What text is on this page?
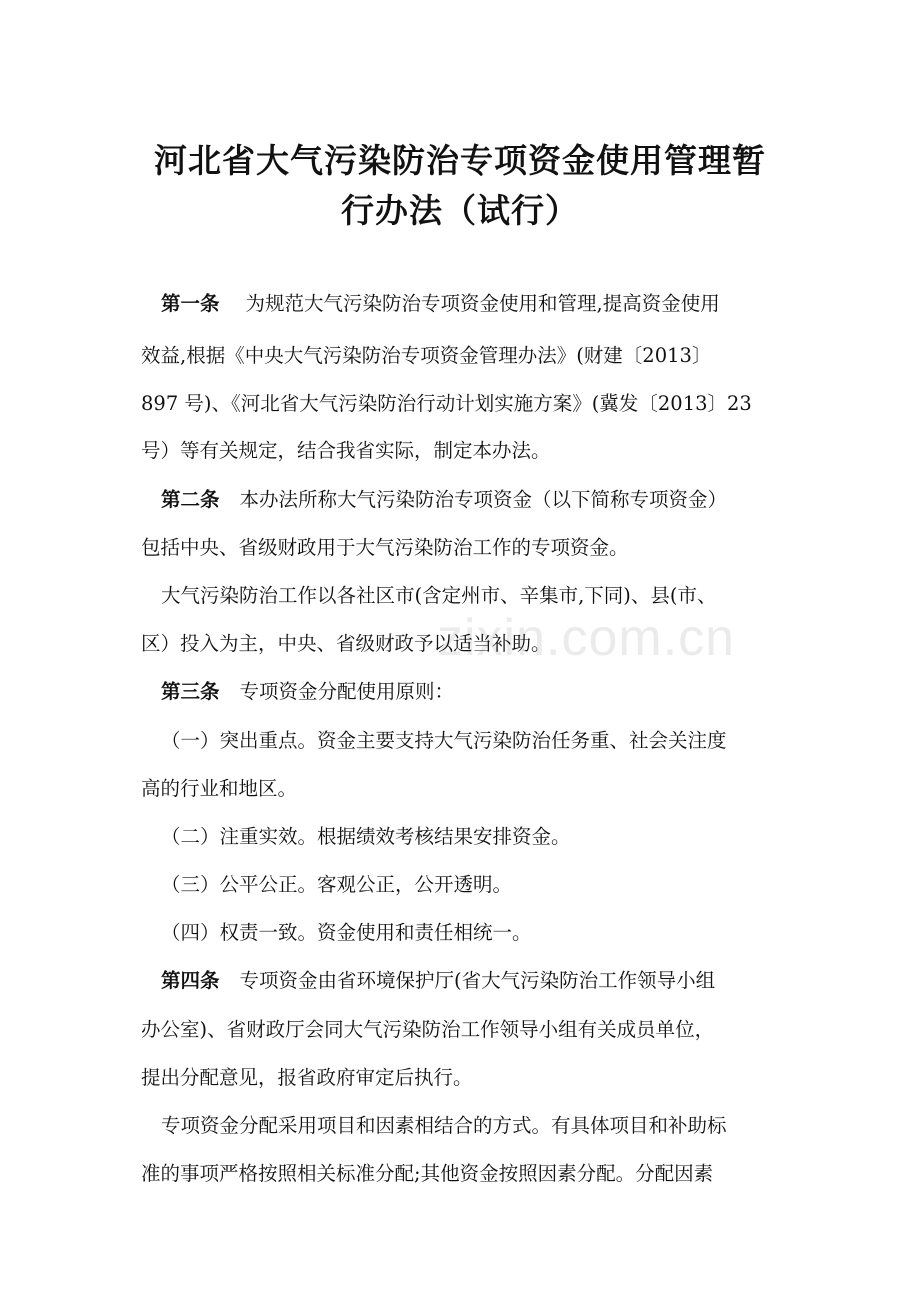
zixin.com.cn
河北省大气污染防治专项资金使用管理暂
行办法（试行）
第一条 为规范大气污染防治专项资金使用和管理,提高资金使用
效益,根据《中央大气污染防治专项资金管理办法》(财建〔2013〕
897 号)、《河北省大气污染防治行动计划实施方案》(冀发〔2013〕23
号）等有关规定，结合我省实际，制定本办法。
第二条 本办法所称大气污染防治专项资金（以下简称专项资金）
包括中央、省级财政用于大气污染防治工作的专项资金。
大气污染防治工作以各社区市(含定州市、辛集市,下同)、县(市、
区）投入为主，中央、省级财政予以适当补助。
第三条 专项资金分配使用原则：
（一）突出重点。资金主要支持大气污染防治任务重、社会关注度
高的行业和地区。
（二）注重实效。根据绩效考核结果安排资金。
（三）公平公正。客观公正，公开透明。
（四）权责一致。资金使用和责任相统一。
第四条 专项资金由省环境保护厅(省大气污染防治工作领导小组
办公室)、省财政厅会同大气污染防治工作领导小组有关成员单位，
提出分配意见，报省政府审定后执行。
专项资金分配采用项目和因素相结合的方式。有具体项目和补助标
准的事项严格按照相关标准分配;其他资金按照因素分配。分配因素
